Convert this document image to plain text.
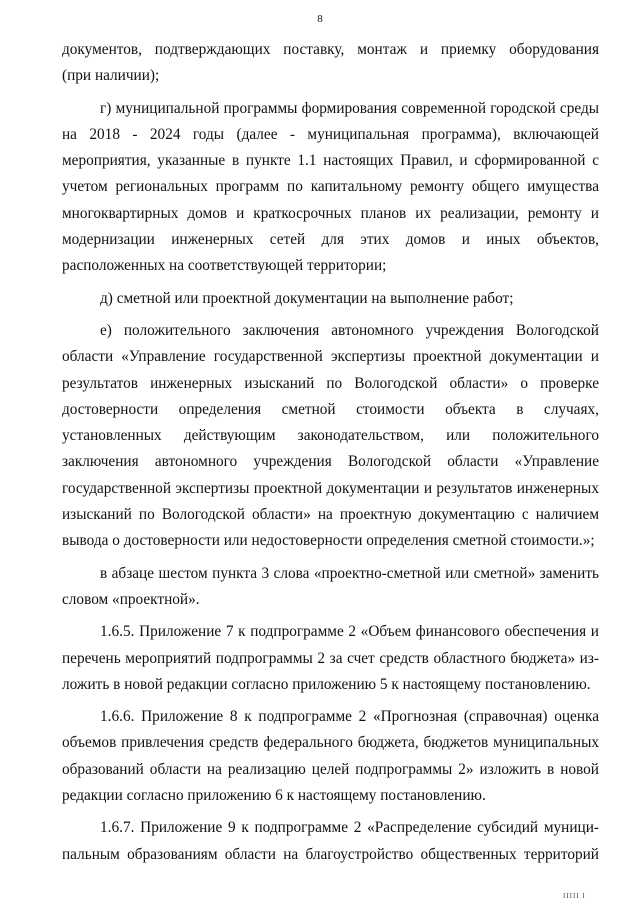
8

документов, подтверждающих поставку, монтаж и приемку оборудования
(при наличии);

г) муниципальной программы формирования современной городской среды
на 2018 - 2024 годы (далее - муниципальная программа), включающей
мероприятия, указанные в пункте 1.1 настоящих Правил, и сформированной с
учетом региональных программ по капитальному ремонту общего имущества
многоквартирных домов и краткосрочных планов их реализации, ремонту и
модернизации инженерных сетей для этих домов и иных объектов,
расположенных на соответствующей территории;

д) сметной или проектной документации на выполнение работ;

е) положительного заключения автономного учреждения Вологодской
области «Управление государственной экспертизы проектной документации и
результатов инженерных изысканий по Вологодской области» о проверке
достоверности определения сметной стоимости объекта в случаях,
установленных действующим законодательством, или положительного
заключения автономного учреждения Вологодской области «Управление
государственной экспертизы проектной документации и результатов инженерных
изысканий по Вологодской области» на проектную документацию с наличием
вывода о достоверности или недостоверности определения сметной стоимости.»;

в абзаце шестом пункта 3 слова «проектно-сметной или сметной» заменить
словом «проектной».

1.6.5. Приложение 7 к подпрограмме 2 «Объем финансового обеспечения и
перечень мероприятий подпрограммы 2 за счет средств областного бюджета» из-
ложить в новой редакции согласно приложению 5 к настоящему постановлению.

1.6.6. Приложение 8 к подпрограмме 2 «Прогнозная (справочная) оценка
объемов привлечения средств федерального бюджета, бюджетов муниципальных
образований области на реализацию целей подпрограммы 2» изложить в новой
редакции согласно приложению 6 к настоящему постановлению.

1.6.7. Приложение 9 к подпрограмме 2 «Распределение субсидий муници-
пальным образованиям области на благоустройство общественных территорий

ІІІІІ І
